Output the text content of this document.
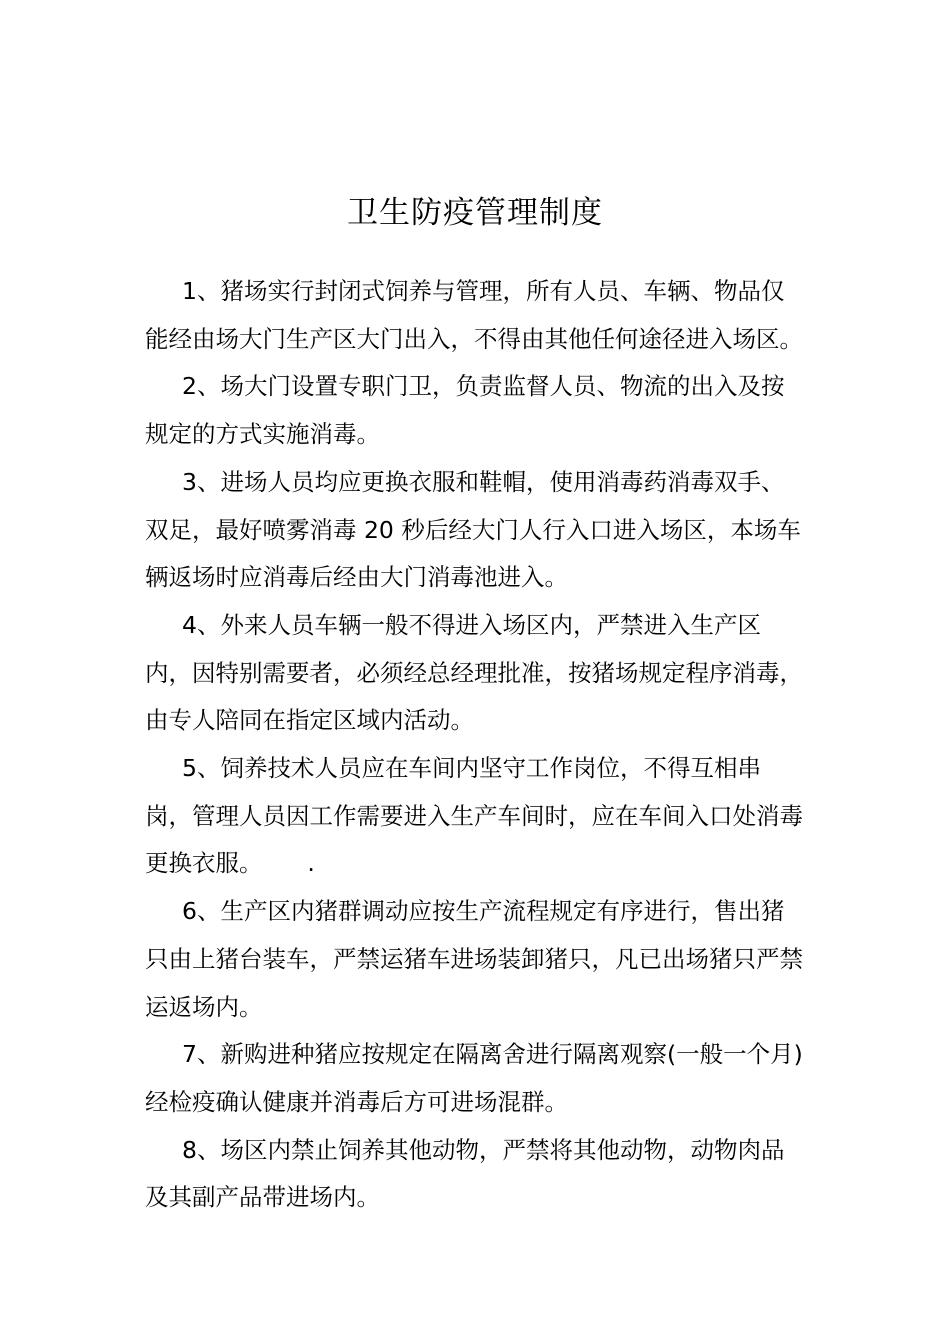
卫生防疫管理制度

1、猪场实行封闭式饲养与管理，所有人员、车辆、物品仅能经由场大门生产区大门出入，不得由其他任何途径进入场区。

2、场大门设置专职门卫，负责监督人员、物流的出入及按规定的方式实施消毒。

3、进场人员均应更换衣服和鞋帽，使用消毒药消毒双手、双足，最好喷雾消毒 20 秒后经大门人行入口进入场区，本场车辆返场时应消毒后经由大门消毒池进入。

4、外来人员车辆一般不得进入场区内，严禁进入生产区内，因特别需要者，必须经总经理批准，按猪场规定程序消毒，由专人陪同在指定区域内活动。

5、饲养技术人员应在车间内坚守工作岗位，不得互相串岗，管理人员因工作需要进入生产车间时，应在车间入口处消毒更换衣服。      .

6、生产区内猪群调动应按生产流程规定有序进行，售出猪只由上猪台装车，严禁运猪车进场装卸猪只，凡已出场猪只严禁运返场内。

7、新购进种猪应按规定在隔离舍进行隔离观察(一般一个月)经检疫确认健康并消毒后方可进场混群。

8、场区内禁止饲养其他动物，严禁将其他动物，动物肉品及其副产品带进场内。
